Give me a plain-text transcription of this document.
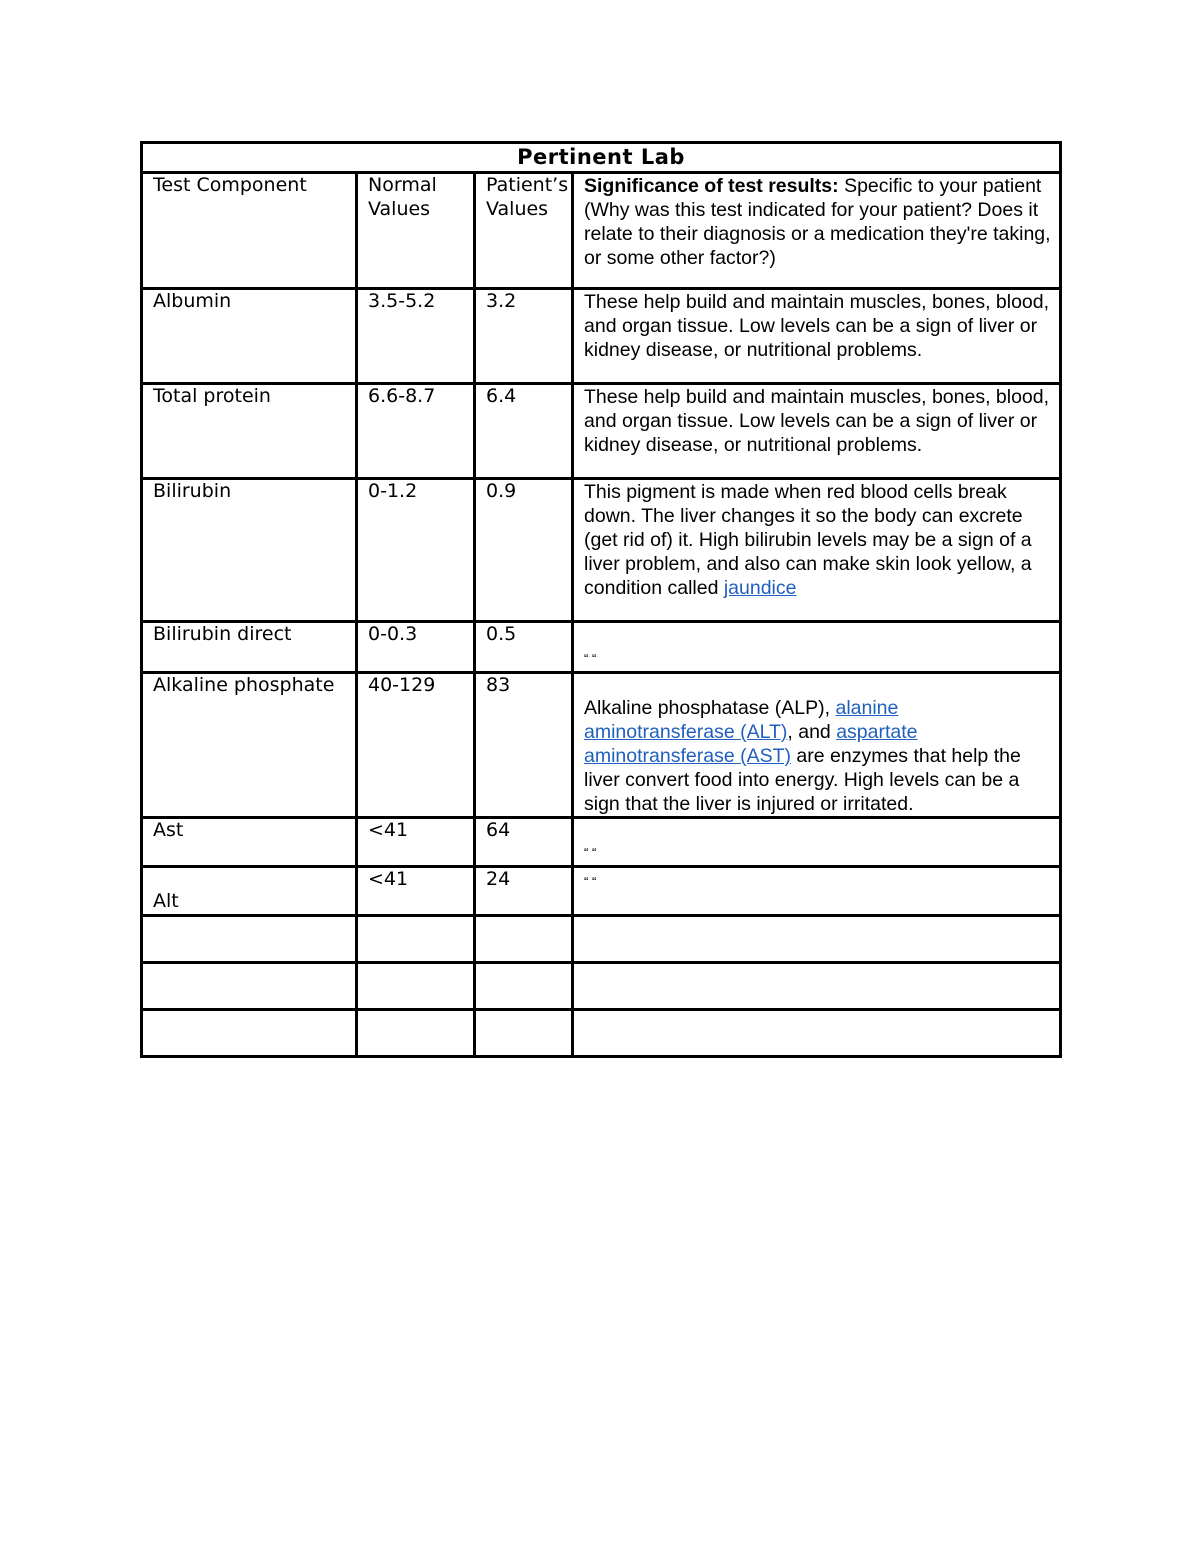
Pertinent Lab			
Test Component	Normal Values	Patient’s Values	Significance of test results: Specific to your patient (Why was this test indicated for your patient? Does it relate to their diagnosis or a medication they're taking, or some other factor?)
Albumin	3.5-5.2	3.2	These help build and maintain muscles, bones, blood, and organ tissue. Low levels can be a sign of liver or kidney disease, or nutritional problems.
Total protein	6.6-8.7	6.4	These help build and maintain muscles, bones, blood, and organ tissue. Low levels can be a sign of liver or kidney disease, or nutritional problems.
Bilirubin	0-1.2	0.9	This pigment is made when red blood cells break down. The liver changes it so the body can excrete (get rid of) it. High bilirubin levels may be a sign of a liver problem, and also can make skin look yellow, a condition called jaundice
Bilirubin direct	0-0.3	0.5	“ “
Alkaline phosphate	40-129	83	Alkaline phosphatase (ALP), alanine aminotransferase (ALT), and aspartate aminotransferase (AST) are enzymes that help the liver convert food into energy. High levels can be a sign that the liver is injured or irritated.
Ast	<41	64	“ “

Alt	<41	24	“ “
